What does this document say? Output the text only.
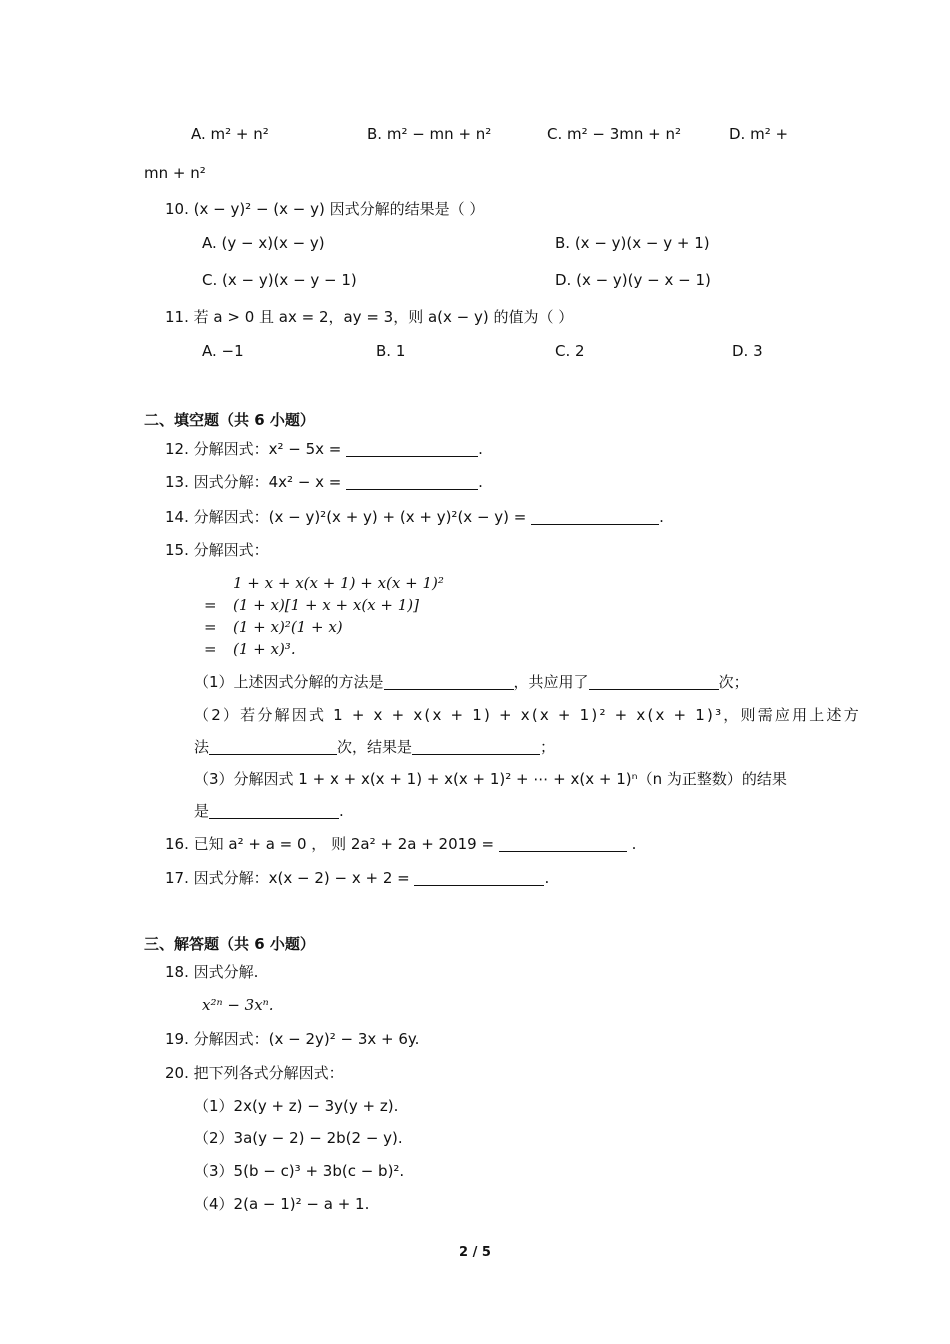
A. m² + n²	B. m² − mn + n²	C. m² − 3mn + n²	D. m² +
mn + n²
10. (x − y)² − (x − y) 因式分解的结果是（ ）
A. (y − x)(x − y)	B. (x − y)(x − y + 1)
C. (x − y)(x − y − 1)	D. (x − y)(y − x − 1)
11. 若 a > 0 且 ax = 2，ay = 3，则 a(x − y) 的值为（ ）
A. −1	B. 1	C. 2	D. 3
二、填空题（共 6 小题）
12. 分解因式：x² − 5x =	.
13. 因式分解：4x² − x =	.
14. 分解因式：(x − y)²(x + y) + (x + y)²(x − y) =	.
15. 分解因式：
1 + x + x(x + 1) + x(x + 1)²
= (1 + x)[1 + x + x(x + 1)]
= (1 + x)²(1 + x)
= (1 + x)³.
（1）上述因式分解的方法是	，共应用了	次；
（2）若分解因式 1 + x + x(x + 1) + x(x + 1)² + x(x + 1)³，则需应用上述方
法	次，结果是	；
（3）分解因式 1 + x + x(x + 1) + x(x + 1)² + ⋯ + x(x + 1)ⁿ（n 为正整数）的结果
是	.
16. 已知 a² + a = 0 ， 则 2a² + 2a + 2019 =	.
17. 因式分解：x(x − 2) − x + 2 =	.
三、解答题（共 6 小题）
18. 因式分解.
x²ⁿ − 3xⁿ.
19. 分解因式：(x − 2y)² − 3x + 6y.
20. 把下列各式分解因式：
（1）2x(y + z) − 3y(y + z).
（2）3a(y − 2) − 2b(2 − y).
（3）5(b − c)³ + 3b(c − b)².
（4）2(a − 1)² − a + 1.
2 / 5
